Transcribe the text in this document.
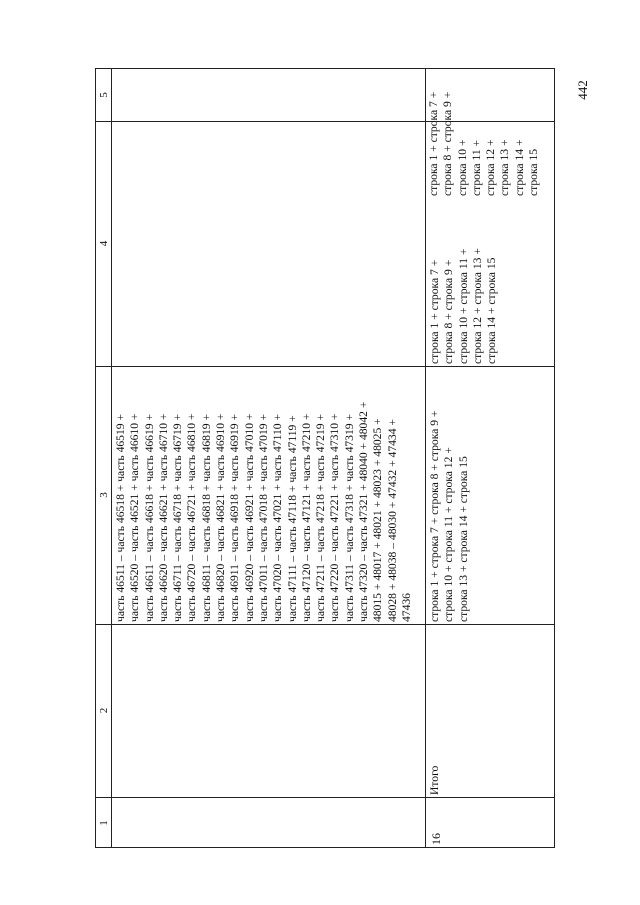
442
1
2
3
4
5
часть 46511 – часть 46518 + часть 46519 + часть 46520 – часть 46521 + часть 46610 + часть 46611 – часть 46618 + часть 46619 + часть 46620 – часть 46621 + часть 46710 + часть 46711 – часть 46718 + часть 46719 + часть 46720 – часть 46721 + часть 46810 + часть 46811 – часть 46818 + часть 46819 + часть 46820 – часть 46821 + часть 46910 + часть 46911 – часть 46918 + часть 46919 + часть 46920 – часть 46921 + часть 47010 + часть 47011 – часть 47018 + часть 47019 + часть 47020 – часть 47021 + часть 47110 + часть 47111 – часть 47118 + часть 47119 + часть 47120 – часть 47121 + часть 47210 + часть 47211 – часть 47218 + часть 47219 + часть 47220 – часть 47221 + часть 47310 + часть 47311 – часть 47318 + часть 47319 + часть 47320 – часть 47321 + 48040 + 48042 + 48015 + 48017 + 48021 + 48023 + 48025 + 48028 + 48038 – 48030 + 47432 + 47434 + 47436
16
Итого
строка 1 + строка 7 + строка 8 + строка 9 + строка 10 + строка 11 + строка 12 + строка 13 + строка 14 + строка 15
строка 1 + строка 7 + строка 8 + строка 9 + строка 10 + строка 11 + строка 12 + строка 13 + строка 14 + строка 15
строка 1 + строка 7 + строка 8 + строка 9 + строка 10 + строка 11 + строка 12 + строка 13 + строка 14 + строка 15
